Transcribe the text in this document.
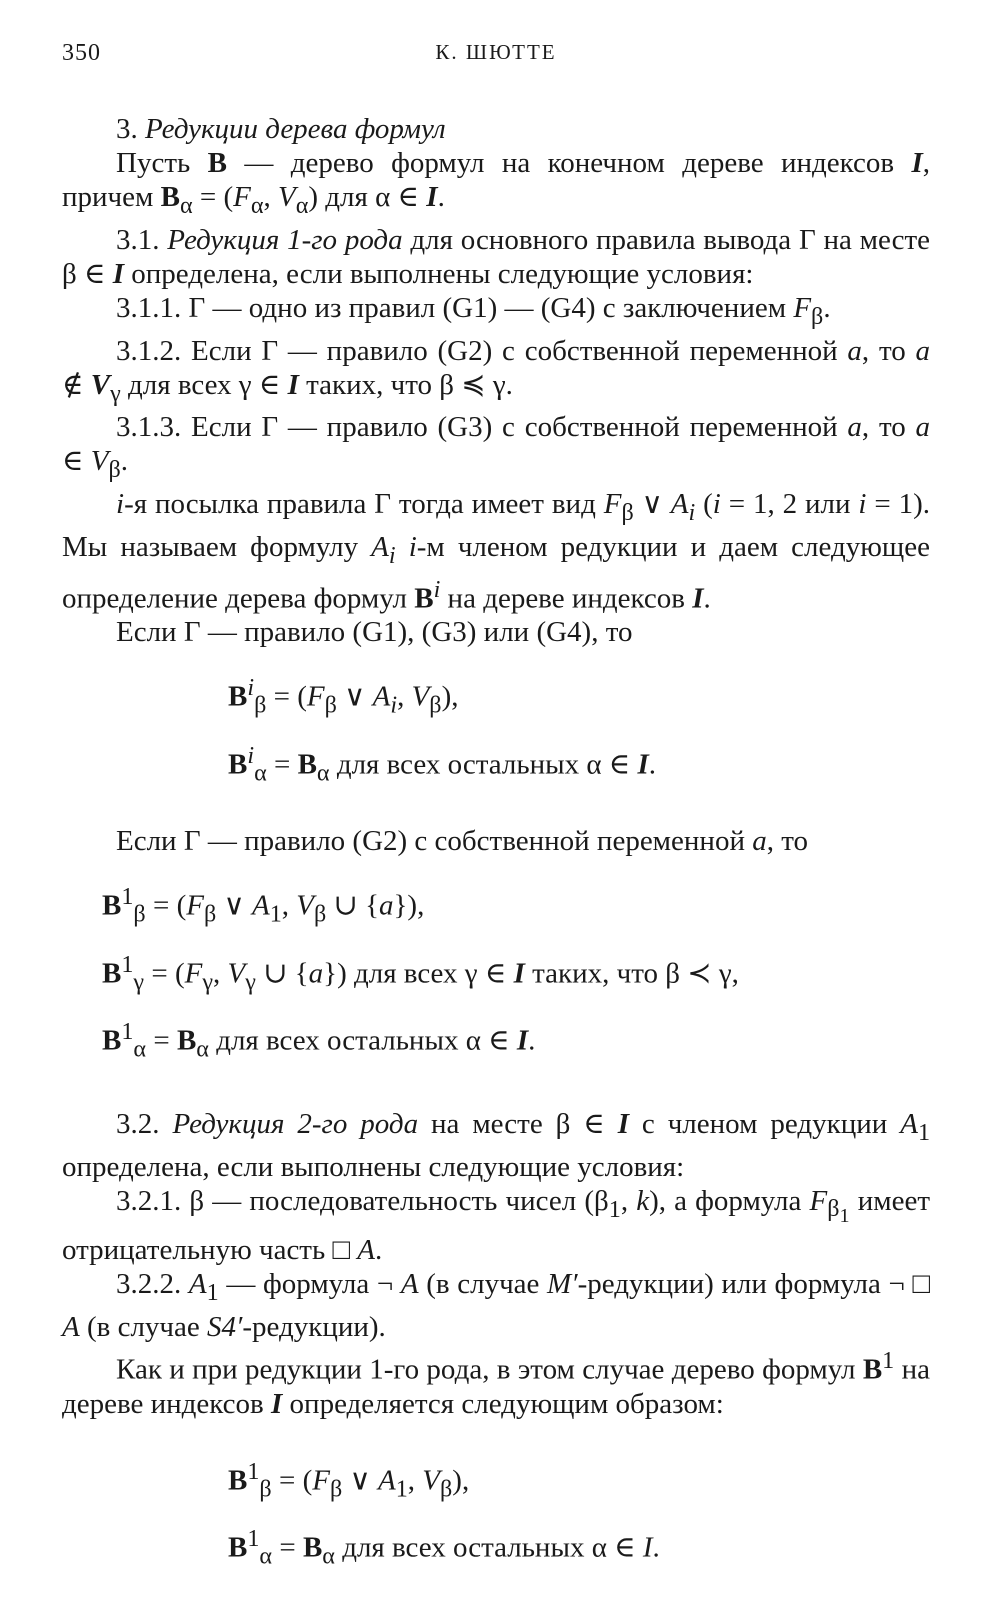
350	К. ШЮТТЕ
3. Редукции дерева формул
Пусть B — дерево формул на конечном дереве индексов I, причем $B_\alpha = (F_\alpha$, $V_\alpha$) для α ∈ I.
3.1. Редукция 1-го рода для основного правила вывода Γ на месте β ∈ I определена, если выполнены следующие условия:
3.1.1. Γ — одно из правил (G1) — (G4) с заключением $F_\beta$.
3.1.2. Если Γ — правило (G2) с собственной переменной a, то a ∉ $V_\gamma$ для всех γ ∈ I таких, что β ≼ γ.
3.1.3. Если Γ — правило (G3) с собственной переменной a, то a ∈ $V_\beta$.
i-я посылка правила Γ тогда имеет вид $F_\beta$ ∨ $A_i$ (i = 1, 2 или i = 1). Мы называем формулу $A_i$ i-м членом редукции и даем следующее определение дерева формул $B^i$ на дереве индексов I.
Если Γ — правило (G1), (G3) или (G4), то
$B^i_\beta = (F_\beta$ ∨ $A_i$, $V_\beta$),
$B^i_\alpha = B_\alpha$ для всех остальных α ∈ I.
Если Γ — правило (G2) с собственной переменной a, то
$B^1_\beta = (F_\beta$ ∨ $A_1$, $V_\beta$ ∪ {a}),
$B^1_\gamma = (F_\gamma$, $V_\gamma$ ∪ {a}) для всех γ ∈ I таких, что β ≺ γ,
$B^1_\alpha = B_\alpha$ для всех остальных α ∈ I.
3.2. Редукция 2-го рода на месте β ∈ I с членом редукции $A_1$ определена, если выполнены следующие условия:
3.2.1. β — последовательность чисел ($\beta_1$, k), а формула $F_{\beta_1}$ имеет отрицательную часть □ A.
3.2.2. $A_1$ — формула ¬ A (в случае M′-редукции) или формула ¬ □ A (в случае S4′-редукции).
Как и при редукции 1-го рода, в этом случае дерево формул $B^1$ на дереве индексов I определяется следующим образом:
$B^1_\beta = (F_\beta$ ∨ $A_1$, $V_\beta$),
$B^1_\alpha = B_\alpha$ для всех остальных α ∈ I.
